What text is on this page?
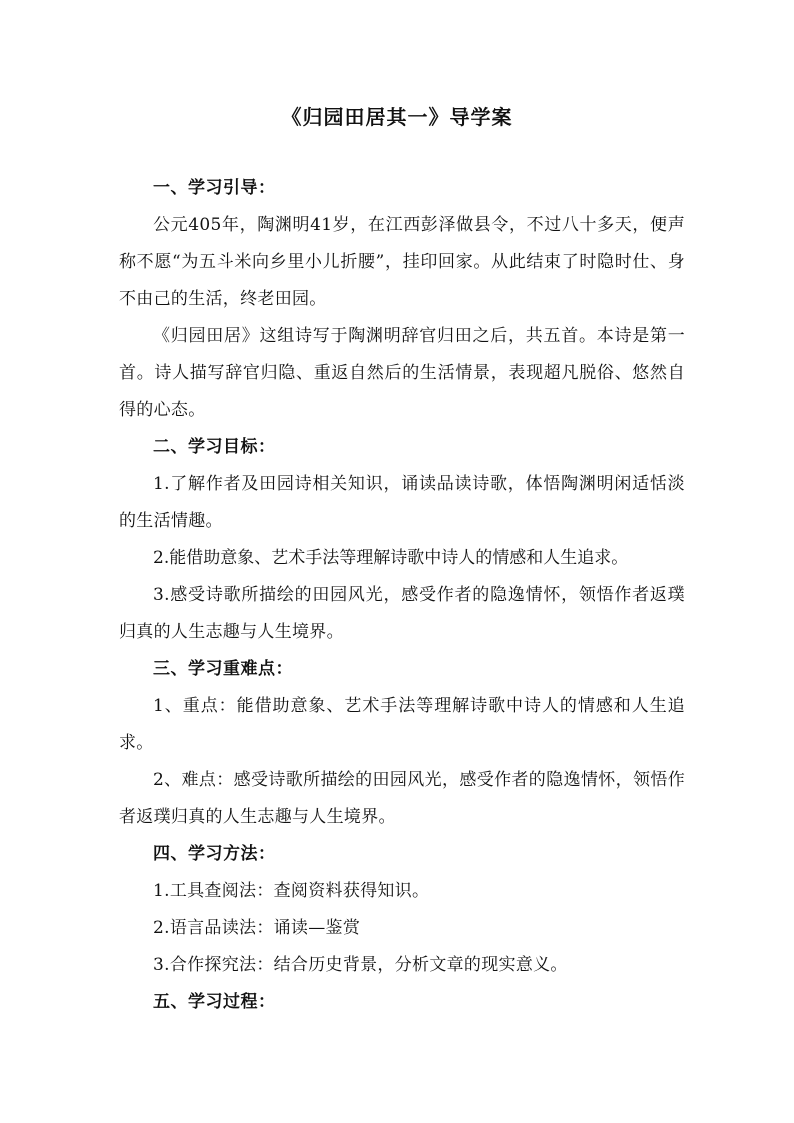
《归园田居其一》导学案
一、学习引导：
公元405年，陶渊明41岁，在江西彭泽做县令，不过八十多天，便声称不愿“为五斗米向乡里小儿折腰”，挂印回家。从此结束了时隐时仕、身不由己的生活，终老田园。
《归园田居》这组诗写于陶渊明辞官归田之后，共五首。本诗是第一首。诗人描写辞官归隐、重返自然后的生活情景，表现超凡脱俗、悠然自得的心态。
二、学习目标：
1.了解作者及田园诗相关知识，诵读品读诗歌，体悟陶渊明闲适恬淡的生活情趣。
2.能借助意象、艺术手法等理解诗歌中诗人的情感和人生追求。
3.感受诗歌所描绘的田园风光，感受作者的隐逸情怀，领悟作者返璞归真的人生志趣与人生境界。
三、学习重难点：
1、重点：能借助意象、艺术手法等理解诗歌中诗人的情感和人生追求。
2、难点：感受诗歌所描绘的田园风光，感受作者的隐逸情怀，领悟作者返璞归真的人生志趣与人生境界。
四、学习方法：
1.工具查阅法：查阅资料获得知识。
2.语言品读法：诵读—鉴赏
3.合作探究法：结合历史背景，分析文章的现实意义。
五、学习过程：
